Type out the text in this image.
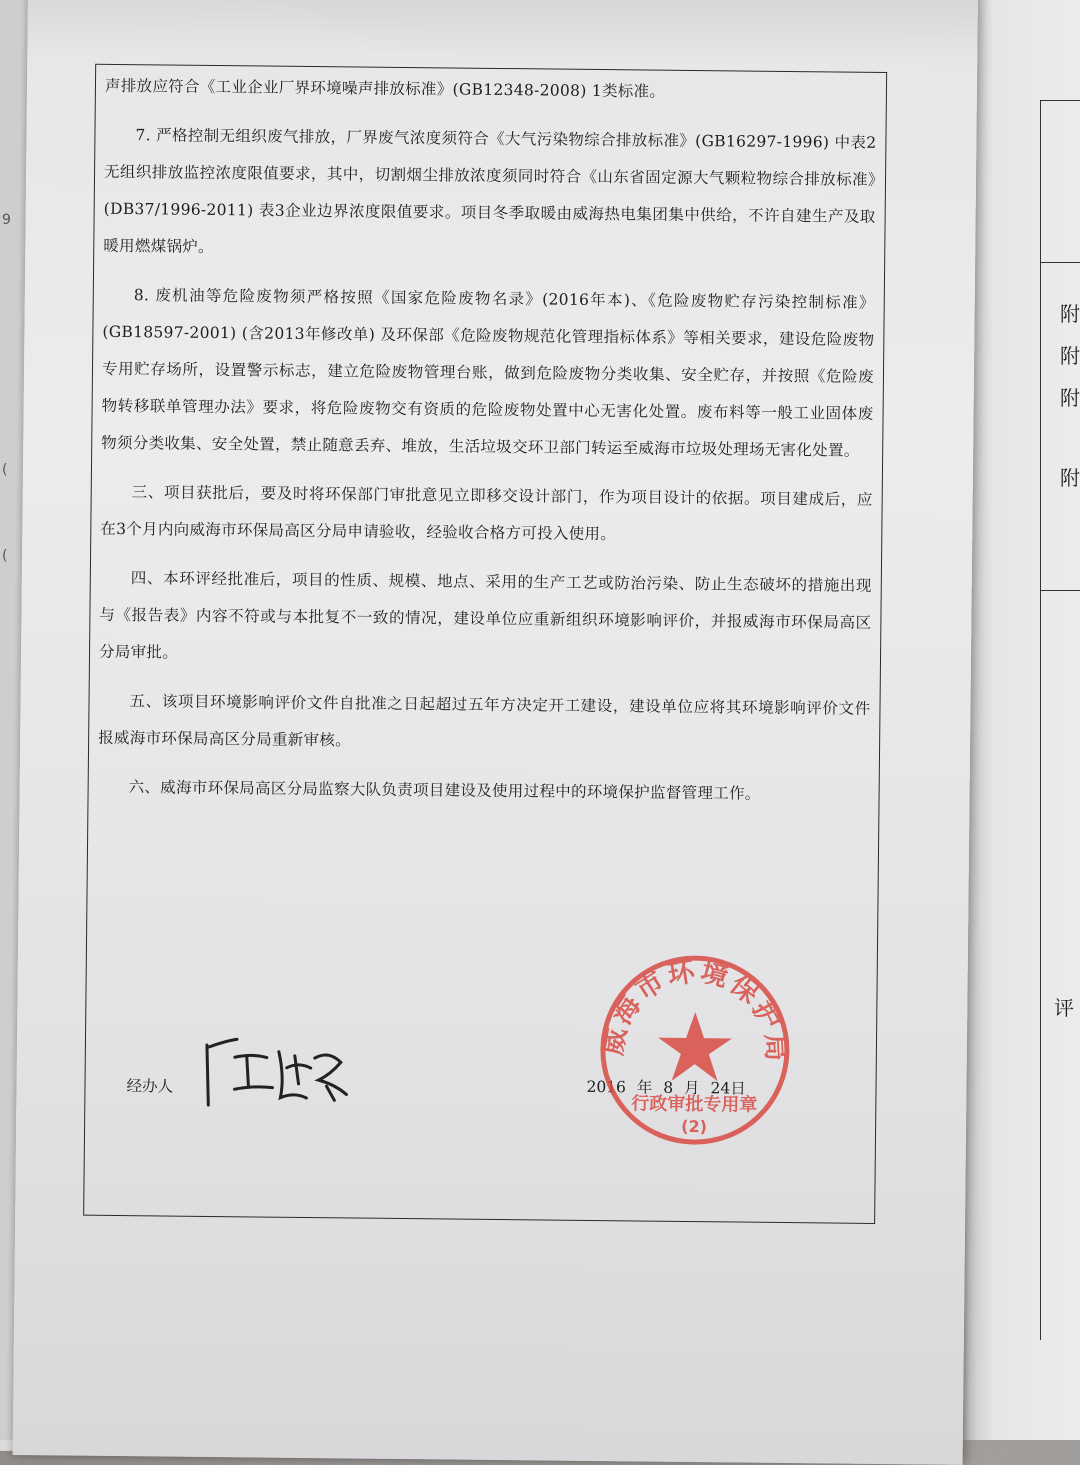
9
(
(
附
附
附
附
评

声排放应符合《工业企业厂界环境噪声排放标准》(GB12348-2008) 1类标准。

7. 严格控制无组织废气排放，厂界废气浓度须符合《大气污染物综合排放标准》(GB16297-1996) 中表2无组织排放监控浓度限值要求，其中，切割烟尘排放浓度须同时符合《山东省固定源大气颗粒物综合排放标准》(DB37/1996-2011) 表3企业边界浓度限值要求。项目冬季取暖由威海热电集团集中供给，不许自建生产及取暖用燃煤锅炉。

8. 废机油等危险废物须严格按照《国家危险废物名录》(2016年本)、《危险废物贮存污染控制标准》(GB18597-2001) (含2013年修改单) 及环保部《危险废物规范化管理指标体系》等相关要求，建设危险废物专用贮存场所，设置警示标志，建立危险废物管理台账，做到危险废物分类收集、安全贮存，并按照《危险废物转移联单管理办法》要求，将危险废物交有资质的危险废物处置中心无害化处置。废布料等一般工业固体废物须分类收集、安全处置，禁止随意丢弃、堆放，生活垃圾交环卫部门转运至威海市垃圾处理场无害化处置。

三、项目获批后，要及时将环保部门审批意见立即移交设计部门，作为项目设计的依据。项目建成后，应在3个月内向威海市环保局高区分局申请验收，经验收合格方可投入使用。

四、本环评经批准后，项目的性质、规模、地点、采用的生产工艺或防治污染、防止生态破坏的措施出现与《报告表》内容不符或与本批复不一致的情况，建设单位应重新组织环境影响评价，并报威海市环保局高区分局审批。

五、该项目环境影响评价文件自批准之日起超过五年方决定开工建设，建设单位应将其环境影响评价文件报威海市环保局高区分局重新审核。

六、威海市环保局高区分局监察大队负责项目建设及使用过程中的环境保护监督管理工作。

经办人	2016 年 8 月 24日
威海市环境保护局
行政审批专用章
(2)
